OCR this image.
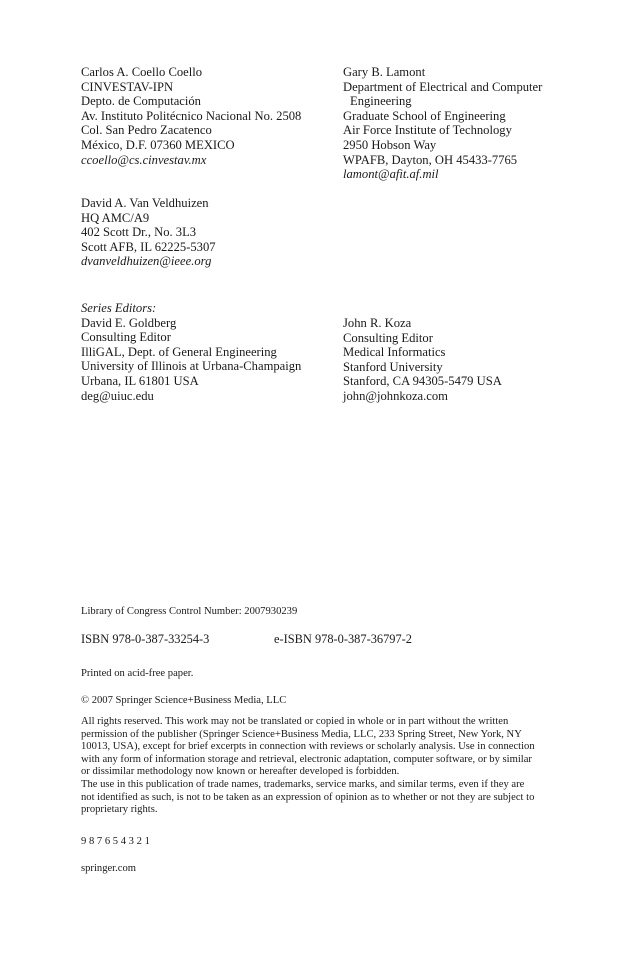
Carlos A. Coello Coello
CINVESTAV-IPN
Depto. de Computación
Av. Instituto Politécnico Nacional No. 2508
Col. San Pedro Zacatenco
México, D.F. 07360 MEXICO
ccoello@cs.cinvestav.mx
Gary B. Lamont
Department of Electrical and Computer
Engineering
Graduate School of Engineering
Air Force Institute of Technology
2950 Hobson Way
WPAFB, Dayton, OH 45433-7765
lamont@afit.af.mil
David A. Van Veldhuizen
HQ AMC/A9
402 Scott Dr., No. 3L3
Scott AFB, IL 62225-5307
dvanveldhuizen@ieee.org
Series Editors:
David E. Goldberg
Consulting Editor
IlliGAL, Dept. of General Engineering
University of Illinois at Urbana-Champaign
Urbana, IL 61801 USA
deg@uiuc.edu
John R. Koza
Consulting Editor
Medical Informatics
Stanford University
Stanford, CA 94305-5479 USA
john@johnkoza.com
Library of Congress Control Number: 2007930239
ISBN 978-0-387-33254-3	e-ISBN 978-0-387-36797-2
Printed on acid-free paper.
© 2007 Springer Science+Business Media, LLC
All rights reserved. This work may not be translated or copied in whole or in part without the written
permission of the publisher (Springer Science+Business Media, LLC, 233 Spring Street, New York, NY
10013, USA), except for brief excerpts in connection with reviews or scholarly analysis. Use in connection
with any form of information storage and retrieval, electronic adaptation, computer software, or by similar
or dissimilar methodology now known or hereafter developed is forbidden.
The use in this publication of trade names, trademarks, service marks, and similar terms, even if they are
not identified as such, is not to be taken as an expression of opinion as to whether or not they are subject to
proprietary rights.
9 8 7 6 5 4 3 2 1
springer.com
